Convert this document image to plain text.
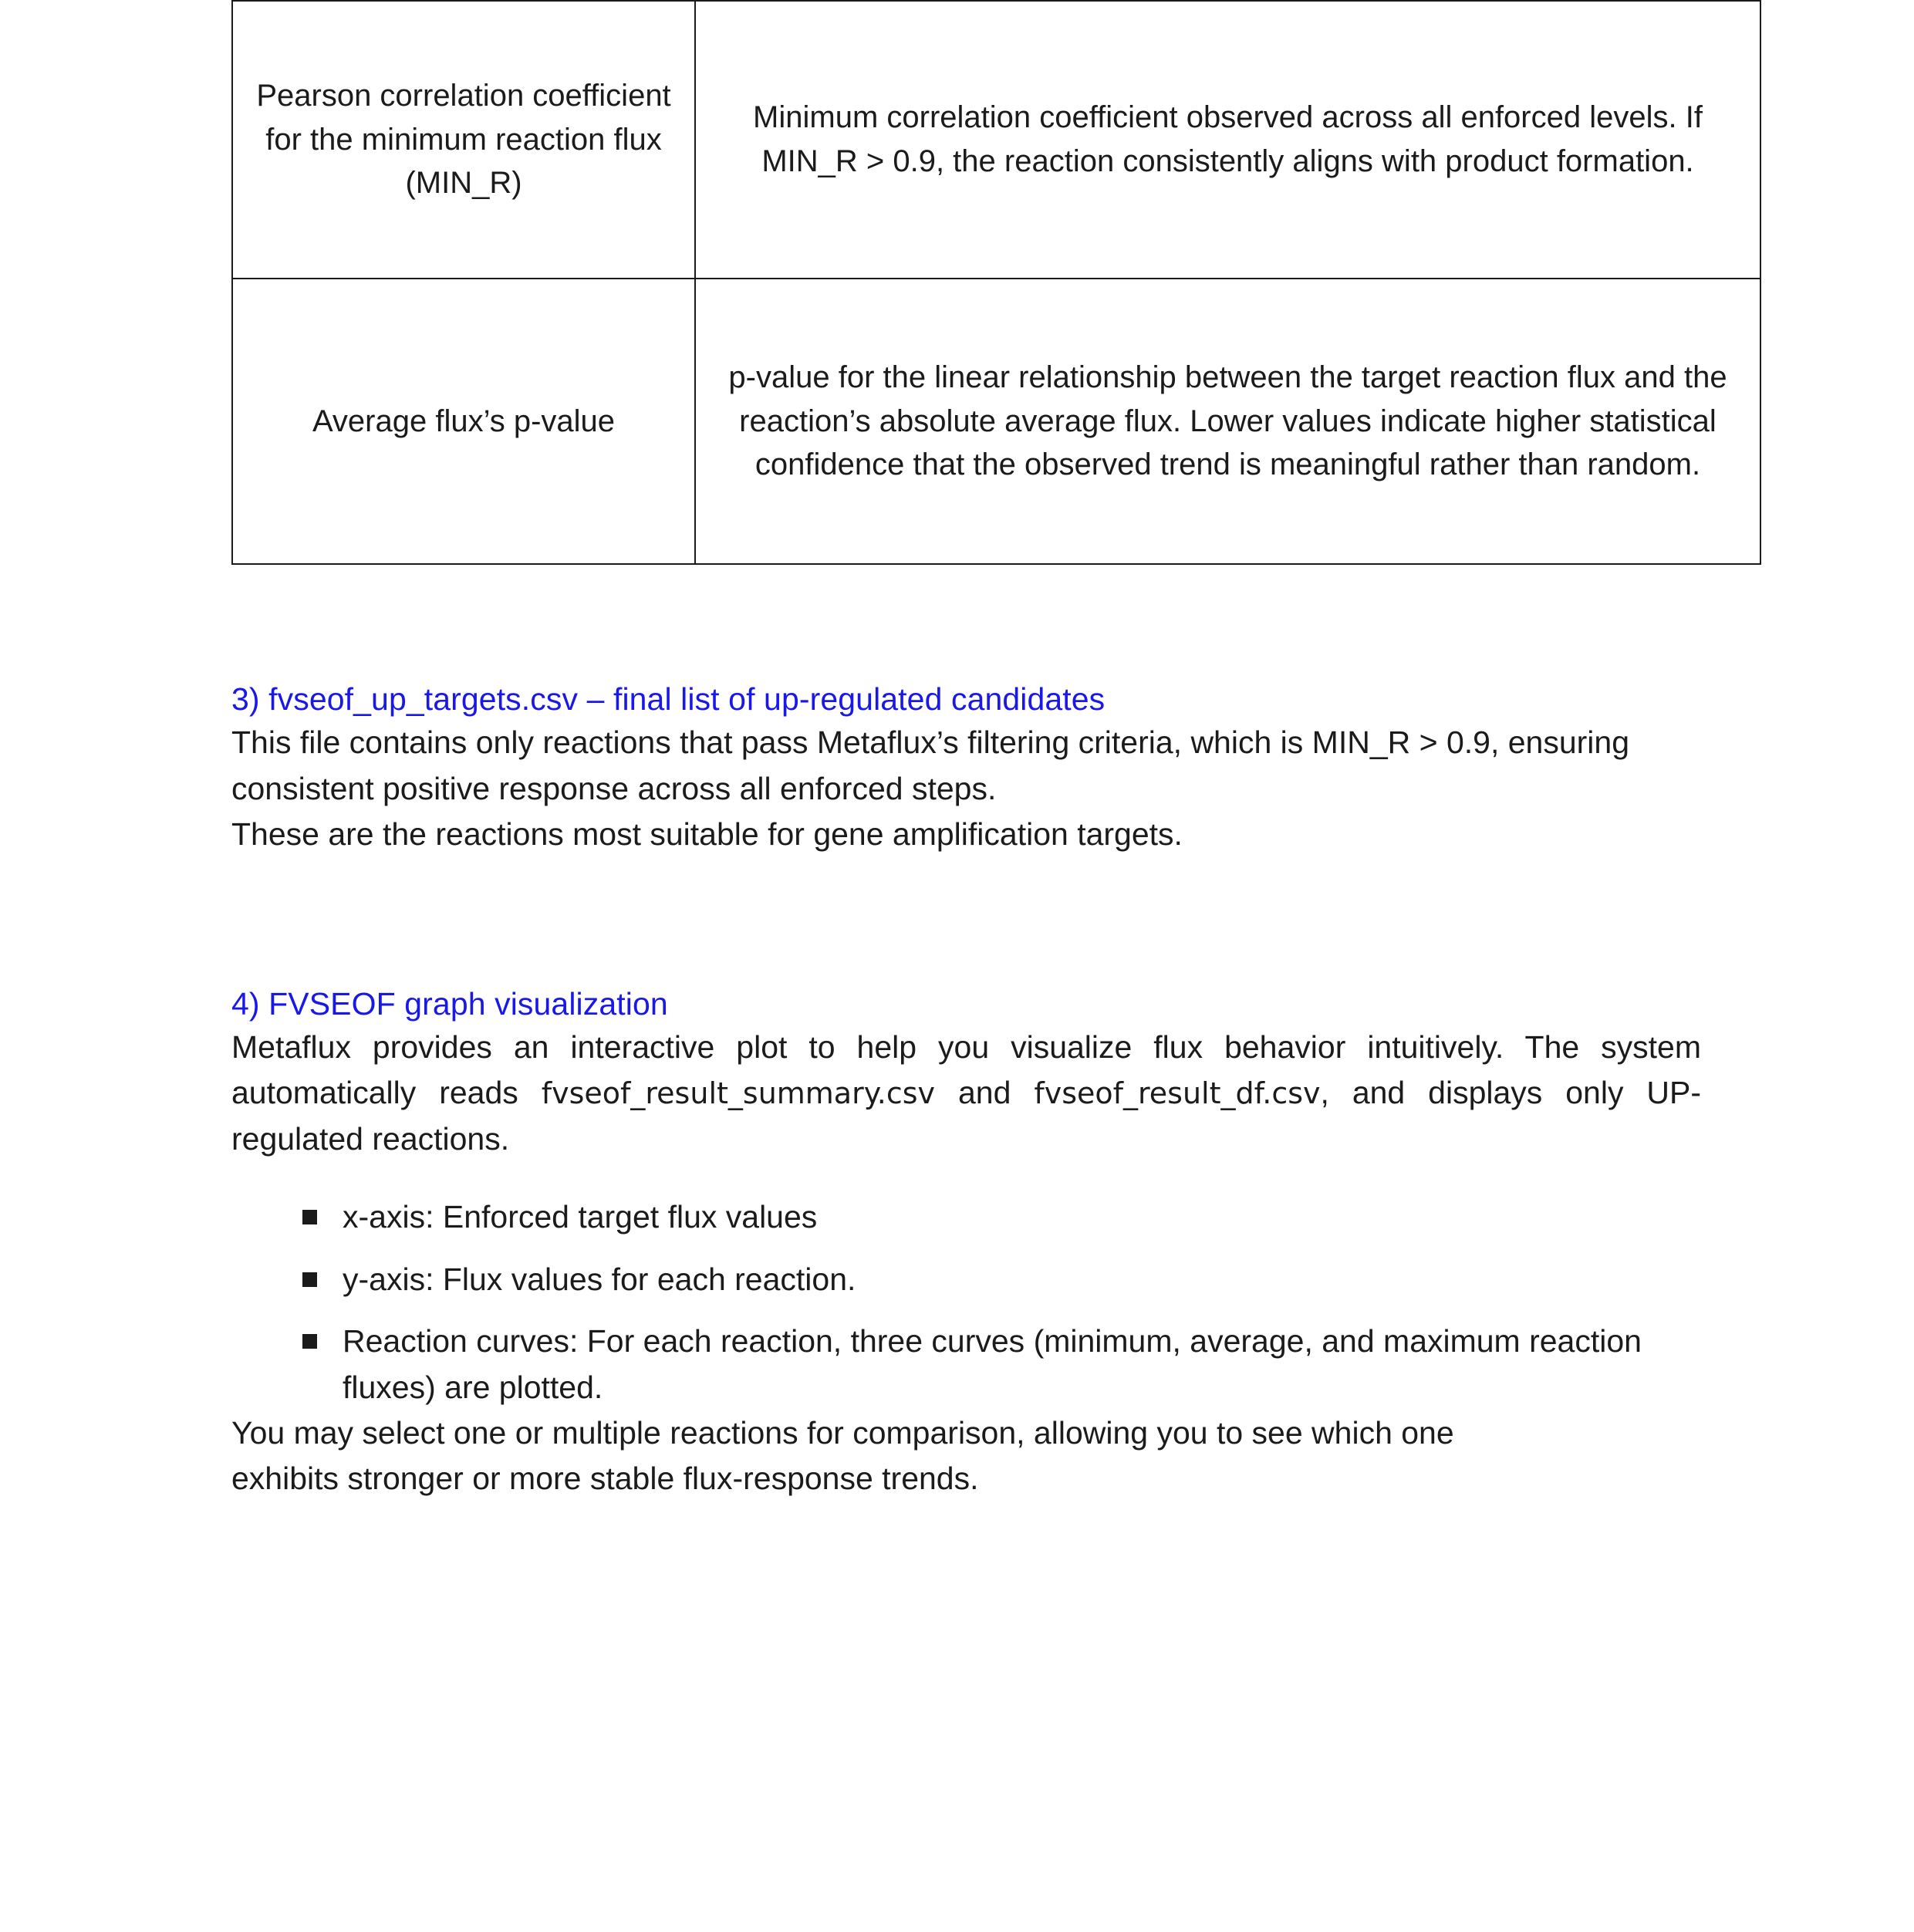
Pearson correlation coefficient for the minimum reaction flux (MIN_R)	Minimum correlation coefficient observed across all enforced levels. If MIN_R > 0.9, the reaction consistently aligns with product formation.
Average flux’s p-value	p-value for the linear relationship between the target reaction flux and the reaction’s absolute average flux. Lower values indicate higher statistical confidence that the observed trend is meaningful rather than random.
3) fvseof_up_targets.csv – final list of up-regulated candidates

This file contains only reactions that pass Metaflux’s filtering criteria, which is MIN_R > 0.9, ensuring consistent positive response across all enforced steps.

These are the reactions most suitable for gene amplification targets.

4) FVSEOF graph visualization

Metaflux provides an interactive plot to help you visualize flux behavior intuitively. The system automatically reads fvseof_result_summary.csv and fvseof_result_df.csv, and displays only UP-regulated reactions.

x-axis: Enforced target flux values
y-axis: Flux values for each reaction.
Reaction curves: For each reaction, three curves (minimum, average, and maximum reaction fluxes) are plotted.

You may select one or multiple reactions for comparison, allowing you to see which one

exhibits stronger or more stable flux-response trends.
